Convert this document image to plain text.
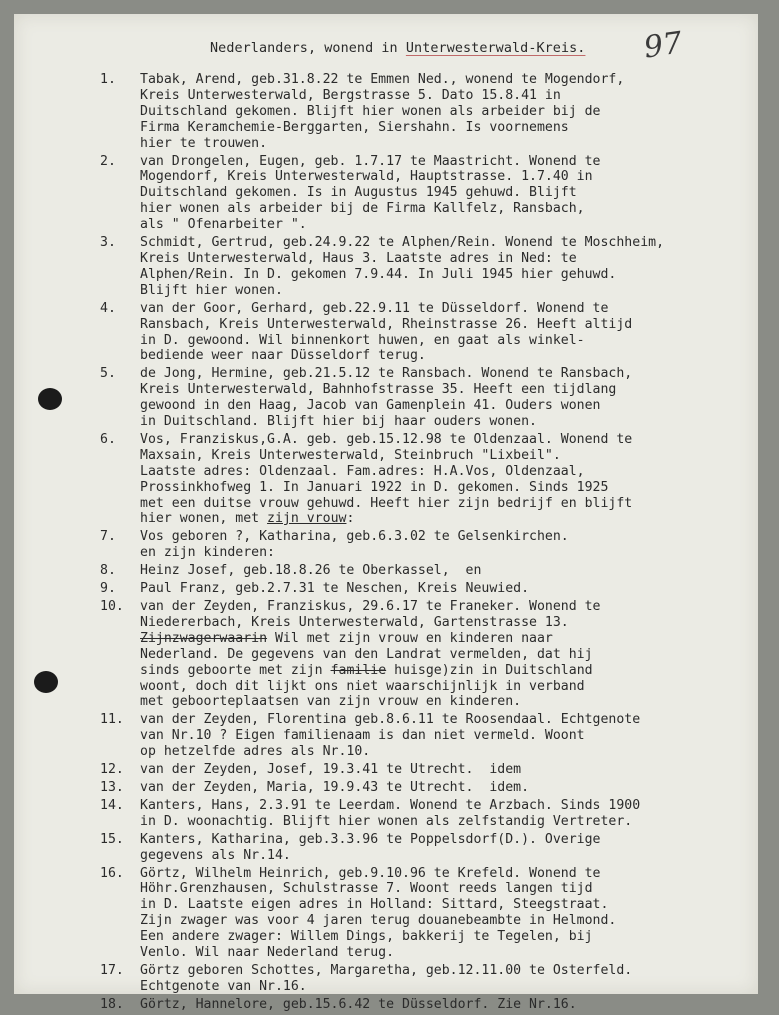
Nederlanders, wonend in Unterwesterwald-Kreis. 97
1. Tabak, Arend, geb.31.8.22 te Emmen Ned., wonend te Mogendorf,
Kreis Unterwesterwald, Bergstrasse 5. Dato 15.8.41 in
Duitschland gekomen. Blijft hier wonen als arbeider bij de
Firma Keramchemie-Berggarten, Siershahn. Is voornemens
hier te trouwen.
2. van Drongelen, Eugen, geb. 1.7.17 te Maastricht. Wonend te
Mogendorf, Kreis Unterwesterwald, Hauptstrasse. 1.7.40 in
Duitschland gekomen. Is in Augustus 1945 gehuwd. Blijft
hier wonen als arbeider bij de Firma Kallfelz, Ransbach,
als " Ofenarbeiter ".
3. Schmidt, Gertrud, geb.24.9.22 te Alphen/Rein. Wonend te Moschheim,
Kreis Unterwesterwald, Haus 3. Laatste adres in Ned: te
Alphen/Rein. In D. gekomen 7.9.44. In Juli 1945 hier gehuwd.
Blijft hier wonen.
4. van der Goor, Gerhard, geb.22.9.11 te Düsseldorf. Wonend te
Ransbach, Kreis Unterwesterwald, Rheinstrasse 26. Heeft altijd
in D. gewoond. Wil binnenkort huwen, en gaat als winkel-
bediende weer naar Düsseldorf terug.
5. de Jong, Hermine, geb.21.5.12 te Ransbach. Wonend te Ransbach,
Kreis Unterwesterwald, Bahnhofstrasse 35. Heeft een tijdlang
gewoond in den Haag, Jacob van Gamenplein 41. Ouders wonen
in Duitschland. Blijft hier bij haar ouders wonen.
6. Vos, Franziskus,G.A. geb. geb.15.12.98 te Oldenzaal. Wonend te
Maxsain, Kreis Unterwesterwald, Steinbruch "Lixbeil".
Laatste adres: Oldenzaal. Fam.adres: H.A.Vos, Oldenzaal,
Prossinkhofweg 1. In Januari 1922 in D. gekomen. Sinds 1925
met een duitse vrouw gehuwd. Heeft hier zijn bedrijf en blijft
hier wonen, met zijn vrouw:
7. Vos geboren ?, Katharina, geb.6.3.02 te Gelsenkirchen.
en zijn kinderen:
8. Heinz Josef, geb.18.8.26 te Oberkassel,  en
9. Paul Franz, geb.2.7.31 te Neschen, Kreis Neuwied.
10. van der Zeyden, Franziskus, 29.6.17 te Franeker. Wonend te
Niedererbach, Kreis Unterwesterwald, Gartenstrasse 13.
Zijnzwagerwaarin Wil met zijn vrouw en kinderen naar
Nederland. De gegevens van den Landrat vermelden, dat hij
sinds geboorte met zijn familie huisge)zin in Duitschland
woont, doch dit lijkt ons niet waarschijnlijk in verband
met geboorteplaatsen van zijn vrouw en kinderen.
11. van der Zeyden, Florentina geb.8.6.11 te Roosendaal. Echtgenote
van Nr.10 ? Eigen familienaam is dan niet vermeld. Woont
op hetzelfde adres als Nr.10.
12. van der Zeyden, Josef, 19.3.41 te Utrecht.  idem
13. van der Zeyden, Maria, 19.9.43 te Utrecht.  idem.
14. Kanters, Hans, 2.3.91 te Leerdam. Wonend te Arzbach. Sinds 1900
in D. woonachtig. Blijft hier wonen als zelfstandig Vertreter.
15. Kanters, Katharina, geb.3.3.96 te Poppelsdorf(D.). Overige
gegevens als Nr.14.
16. Görtz, Wilhelm Heinrich, geb.9.10.96 te Krefeld. Wonend te
Höhr.Grenzhausen, Schulstrasse 7. Woont reeds langen tijd
in D. Laatste eigen adres in Holland: Sittard, Steegstraat.
Zijn zwager was voor 4 jaren terug douanebeambte in Helmond.
Een andere zwager: Willem Dings, bakkerij te Tegelen, bij
Venlo. Wil naar Nederland terug.
17. Görtz geboren Schottes, Margaretha, geb.12.11.00 te Osterfeld.
Echtgenote van Nr.16.
18. Görtz, Hannelore, geb.15.6.42 te Düsseldorf. Zie Nr.16.
